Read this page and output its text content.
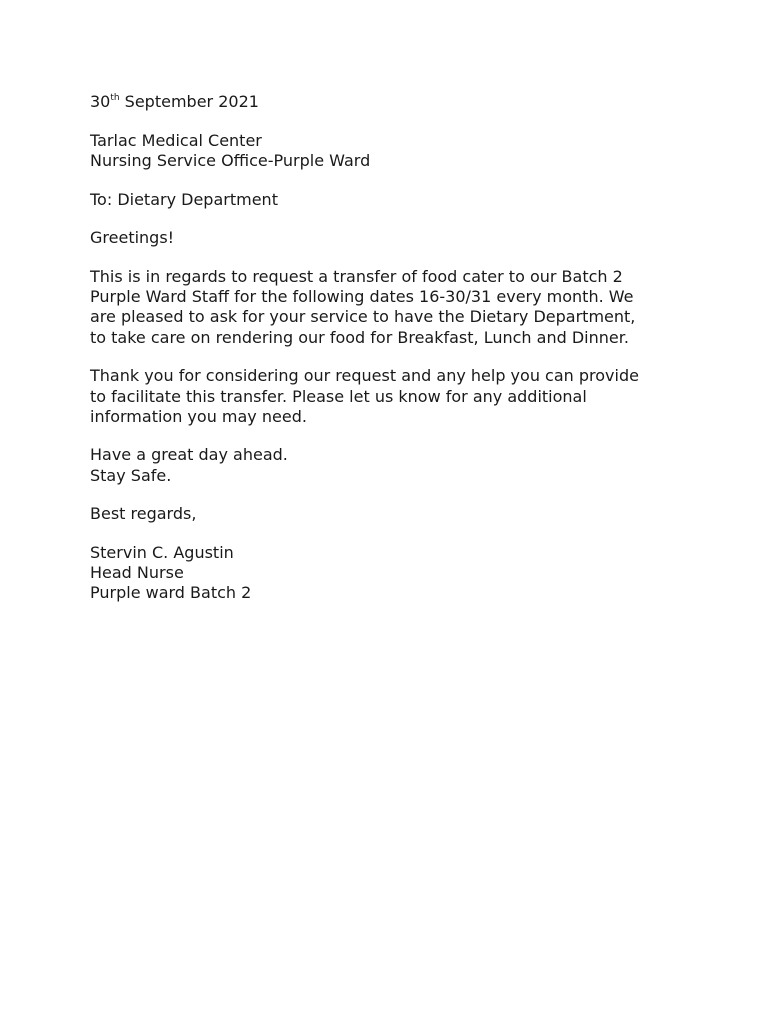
30th September 2021
Tarlac Medical Center
Nursing Service Office-Purple Ward
To: Dietary Department
Greetings!
This is in regards to request a transfer of food cater to our Batch 2
Purple Ward Staff for the following dates 16-30/31 every month. We
are pleased to ask for your service to have the Dietary Department,
to take care on rendering our food for Breakfast, Lunch and Dinner.
Thank you for considering our request and any help you can provide
to facilitate this transfer. Please let us know for any additional
information you may need.
Have a great day ahead.
Stay Safe.
Best regards,
Stervin C. Agustin
Head Nurse
Purple ward Batch 2
